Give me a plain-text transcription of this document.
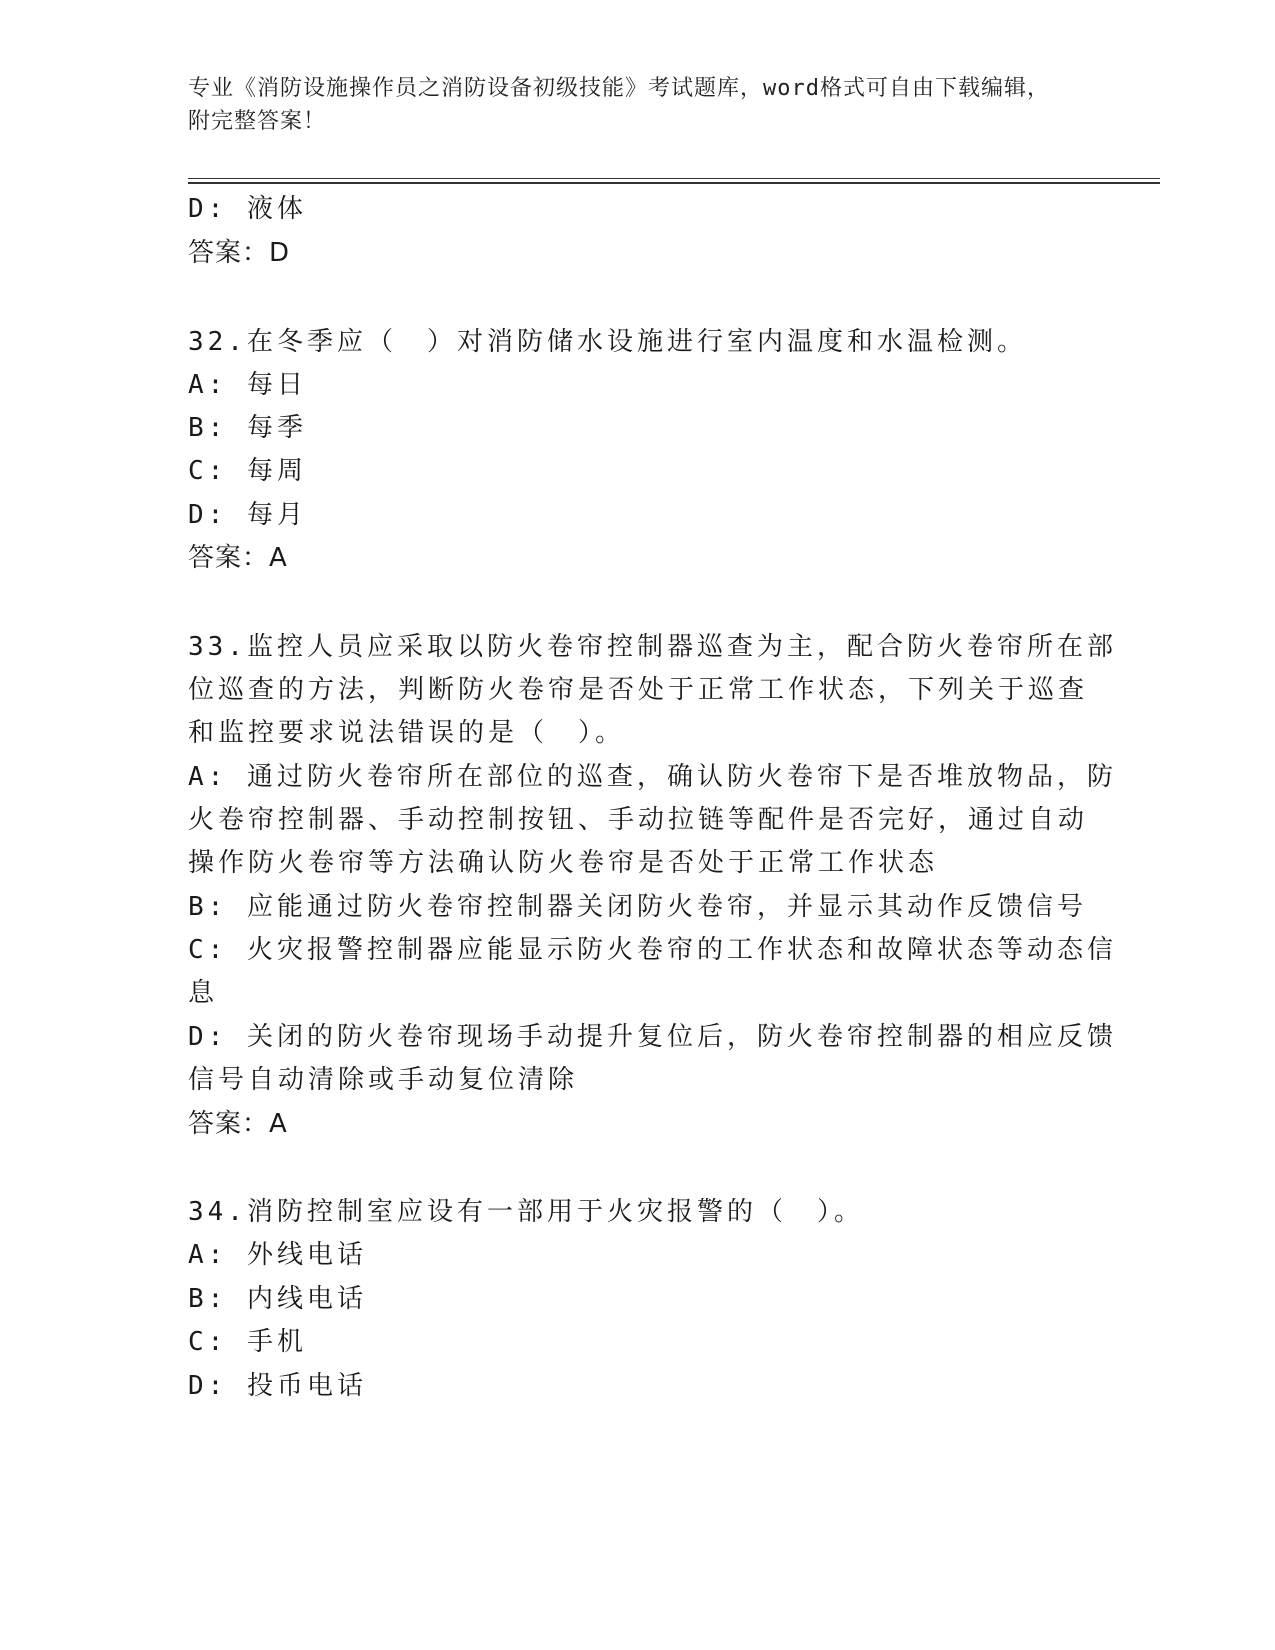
专业《消防设施操作员之消防设备初级技能》考试题库，word格式可自由下载编辑，附完整答案！
D: 液体
答案：D
32.在冬季应（　）对消防储水设施进行室内温度和水温检测。
A: 每日
B: 每季
C: 每周
D: 每月
答案：A
33.监控人员应采取以防火卷帘控制器巡查为主，配合防火卷帘所在部
位巡查的方法，判断防火卷帘是否处于正常工作状态，下列关于巡查
和监控要求说法错误的是（　）。
A: 通过防火卷帘所在部位的巡查，确认防火卷帘下是否堆放物品，防
火卷帘控制器、手动控制按钮、手动拉链等配件是否完好，通过自动
操作防火卷帘等方法确认防火卷帘是否处于正常工作状态
B: 应能通过防火卷帘控制器关闭防火卷帘，并显示其动作反馈信号
C: 火灾报警控制器应能显示防火卷帘的工作状态和故障状态等动态信
息
D: 关闭的防火卷帘现场手动提升复位后，防火卷帘控制器的相应反馈
信号自动清除或手动复位清除
答案：A
34.消防控制室应设有一部用于火灾报警的（　）。
A: 外线电话
B: 内线电话
C: 手机
D: 投币电话
